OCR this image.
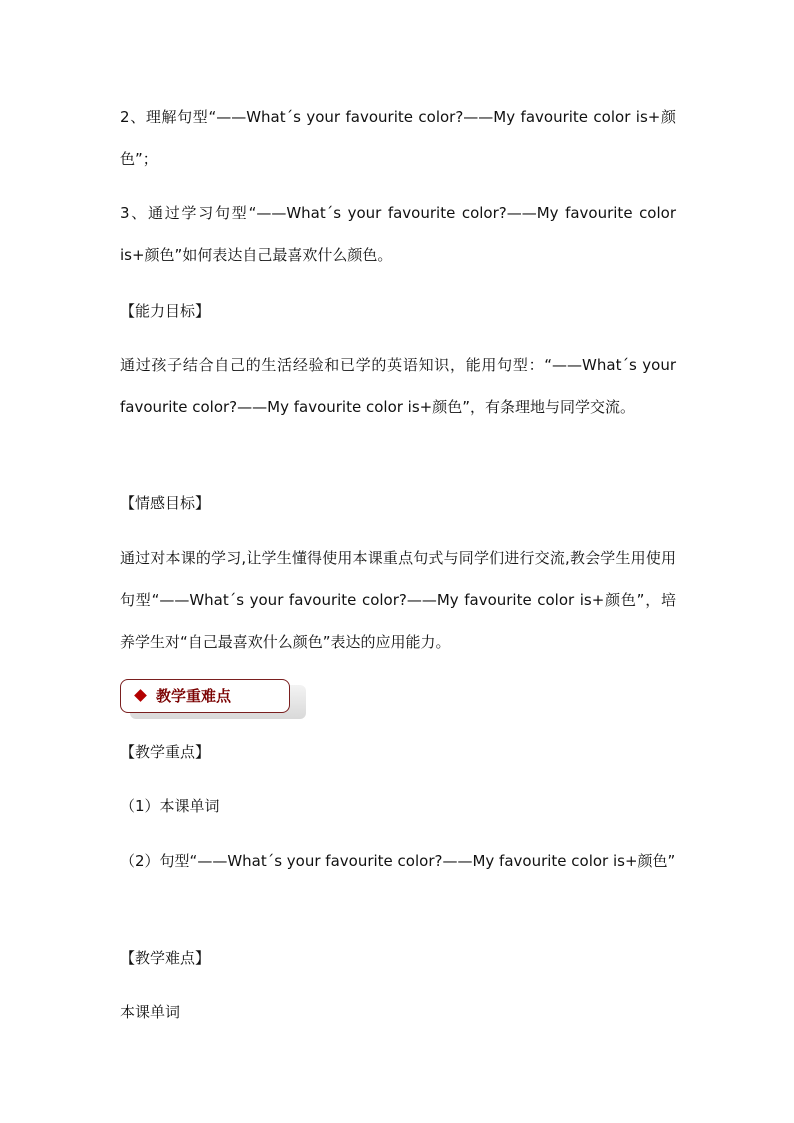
2、理解句型“——What´s your favourite color?——My favourite color is+颜色”；

3、通过学习句型“——What´s your favourite color?——My favourite color is+颜色”如何表达自己最喜欢什么颜色。

【能力目标】

通过孩子结合自己的生活经验和已学的英语知识，能用句型：“——What´s your favourite color?——My favourite color is+颜色”，有条理地与同学交流。

【情感目标】

通过对本课的学习,让学生懂得使用本课重点句式与同学们进行交流,教会学生用使用句型“——What´s your favourite color?——My favourite color is+颜色”，培养学生对“自己最喜欢什么颜色”表达的应用能力。

教学重难点

【教学重点】

（1）本课单词

（2）句型“——What´s your favourite color?——My favourite color is+颜色”

【教学难点】

本课单词
